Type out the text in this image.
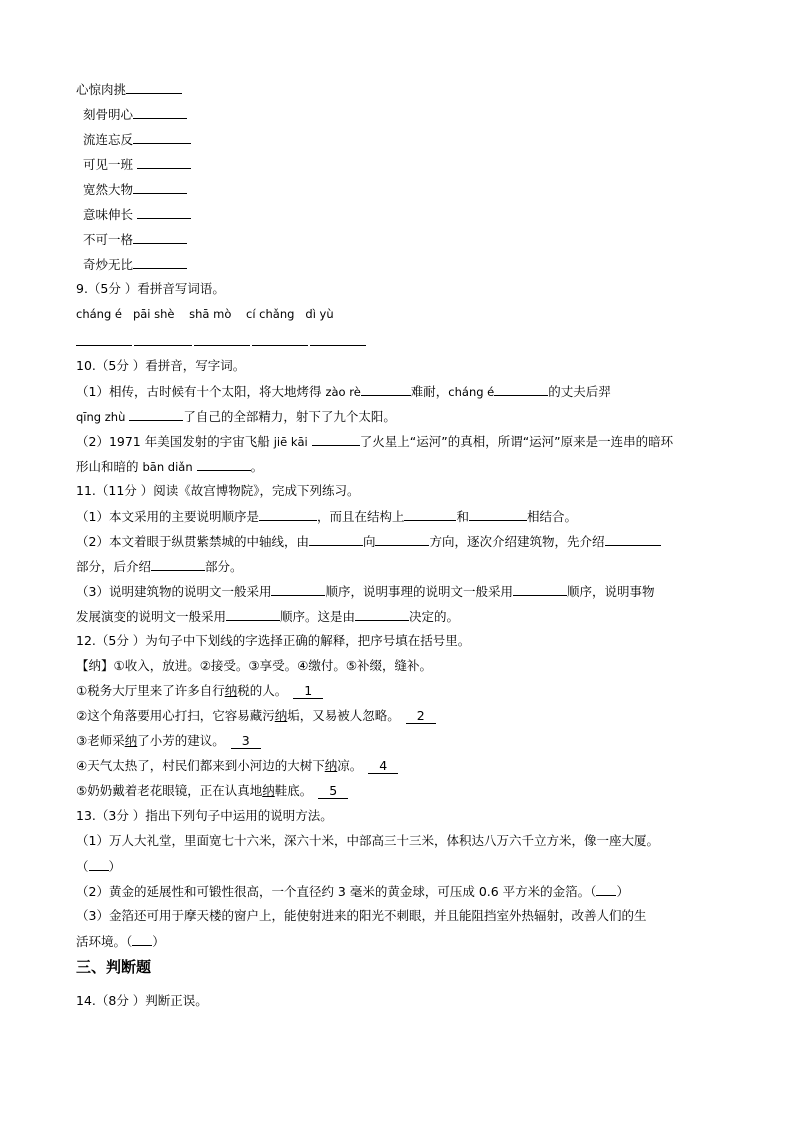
心惊肉挑
刻骨明心
流连忘反
可见一班
宽然大物
意味伸长
不可一格
奇炒无比
9.（5分 ）看拼音写词语。
cháng é pāi shè shā mò cí chǎng dì yù
10.（5分 ）看拼音，写字词。
（1）相传，古时候有十个太阳，将大地烤得 zào rè	难耐，cháng é	的丈夫后羿
qīng zhù	了自己的全部精力，射下了九个太阳。
（2）1971 年美国发射的宇宙飞船 jiē kāi	了火星上“运河”的真相，所谓“运河”原来是一连串的暗环
形山和暗的 bān diǎn	。
11.（11分 ）阅读《故宫博物院》，完成下列练习。
（1）本文采用的主要说明顺序是	，而且在结构上	和	相结合。
（2）本文着眼于纵贯紫禁城的中轴线，由	向	方向，逐次介绍建筑物，先介绍
部分，后介绍	部分。
（3）说明建筑物的说明文一般采用	顺序，说明事理的说明文一般采用	顺序，说明事物
发展演变的说明文一般采用	顺序。这是由	决定的。
12.（5分 ）为句子中下划线的字选择正确的解释，把序号填在括号里。
【纳】①收入，放进。②接受。③享受。④缴付。⑤补缀，缝补。
①税务大厅里来了许多自行纳税的人。 1
②这个角落要用心打扫，它容易藏污纳垢，又易被人忽略。 2
③老师采纳了小芳的建议。 3
④天气太热了，村民们都来到小河边的大树下纳凉。 4
⑤奶奶戴着老花眼镜，正在认真地纳鞋底。 5
13.（3分 ）指出下列句子中运用的说明方法。
（1）万人大礼堂，里面宽七十六米，深六十米，中部高三十三米，体积达八万六千立方米，像一座大厦。
（ ）
（2）黄金的延展性和可锻性很高，一个直径约 3 毫米的黄金球，可压成 0.6 平方米的金箔。（ ）
（3）金箔还可用于摩天楼的窗户上，能使射进来的阳光不刺眼，并且能阻挡室外热辐射，改善人们的生
活环境。（ ）
三、判断题
14.（8分 ）判断正误。
